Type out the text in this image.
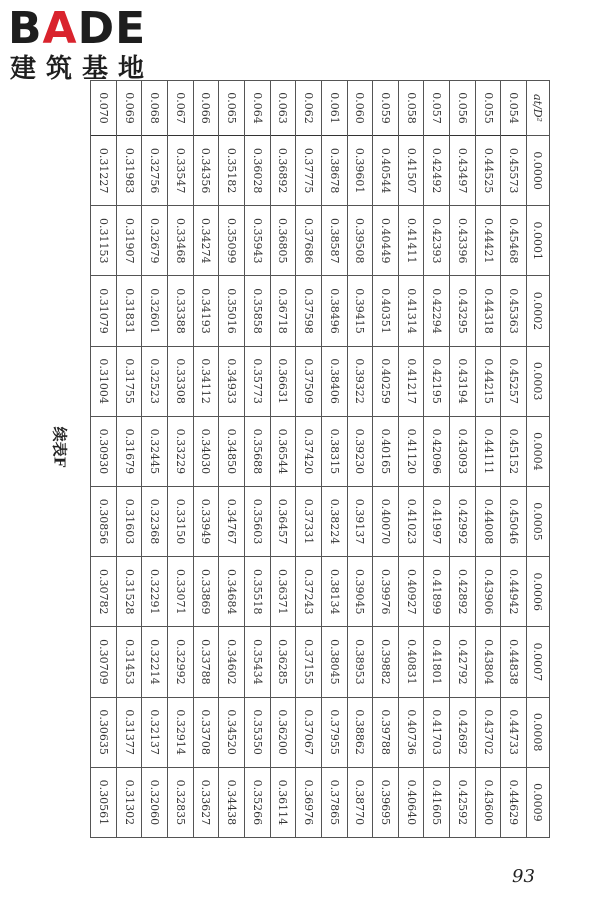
BADE
建筑基地
续表F
at/D²	0.0000	0.0001	0.0002	0.0003	0.0004	0.0005	0.0006	0.0007	0.0008	0.0009
0.054	0.45573	0.45468	0.45363	0.45257	0.45152	0.45046	0.44942	0.44838	0.44733	0.44629
0.055	0.44525	0.44421	0.44318	0.44215	0.44111	0.44008	0.43906	0.43804	0.43702	0.43600
0.056	0.43497	0.43396	0.43295	0.43194	0.43093	0.42992	0.42892	0.42792	0.42692	0.42592
0.057	0.42492	0.42393	0.42294	0.42195	0.42096	0.41997	0.41899	0.41801	0.41703	0.41605
0.058	0.41507	0.41411	0.41314	0.41217	0.41120	0.41023	0.40927	0.40831	0.40736	0.40640
0.059	0.40544	0.40449	0.40351	0.40259	0.40165	0.40070	0.39976	0.39882	0.39788	0.39695
0.060	0.39601	0.39508	0.39415	0.39322	0.39230	0.39137	0.39045	0.38953	0.38862	0.38770
0.061	0.38678	0.38587	0.38496	0.38406	0.38315	0.38224	0.38134	0.38045	0.37955	0.37865
0.062	0.37775	0.37686	0.37598	0.37509	0.37420	0.37331	0.37243	0.37155	0.37067	0.36976
0.063	0.36892	0.36805	0.36718	0.36631	0.36544	0.36457	0.36371	0.36285	0.36200	0.36114
0.064	0.36028	0.35943	0.35858	0.35773	0.35688	0.35603	0.35518	0.35434	0.35350	0.35266
0.065	0.35182	0.35099	0.35016	0.34933	0.34850	0.34767	0.34684	0.34602	0.34520	0.34438
0.066	0.34356	0.34274	0.34193	0.34112	0.34030	0.33949	0.33869	0.33788	0.33708	0.33627
0.067	0.33547	0.33468	0.33388	0.33308	0.33229	0.33150	0.33071	0.32992	0.32914	0.32835
0.068	0.32756	0.32679	0.32601	0.32523	0.32445	0.32368	0.32291	0.32214	0.32137	0.32060
0.069	0.31983	0.31907	0.31831	0.31755	0.31679	0.31603	0.31528	0.31453	0.31377	0.31302
0.070	0.31227	0.31153	0.31079	0.31004	0.30930	0.30856	0.30782	0.30709	0.30635	0.30561
93
